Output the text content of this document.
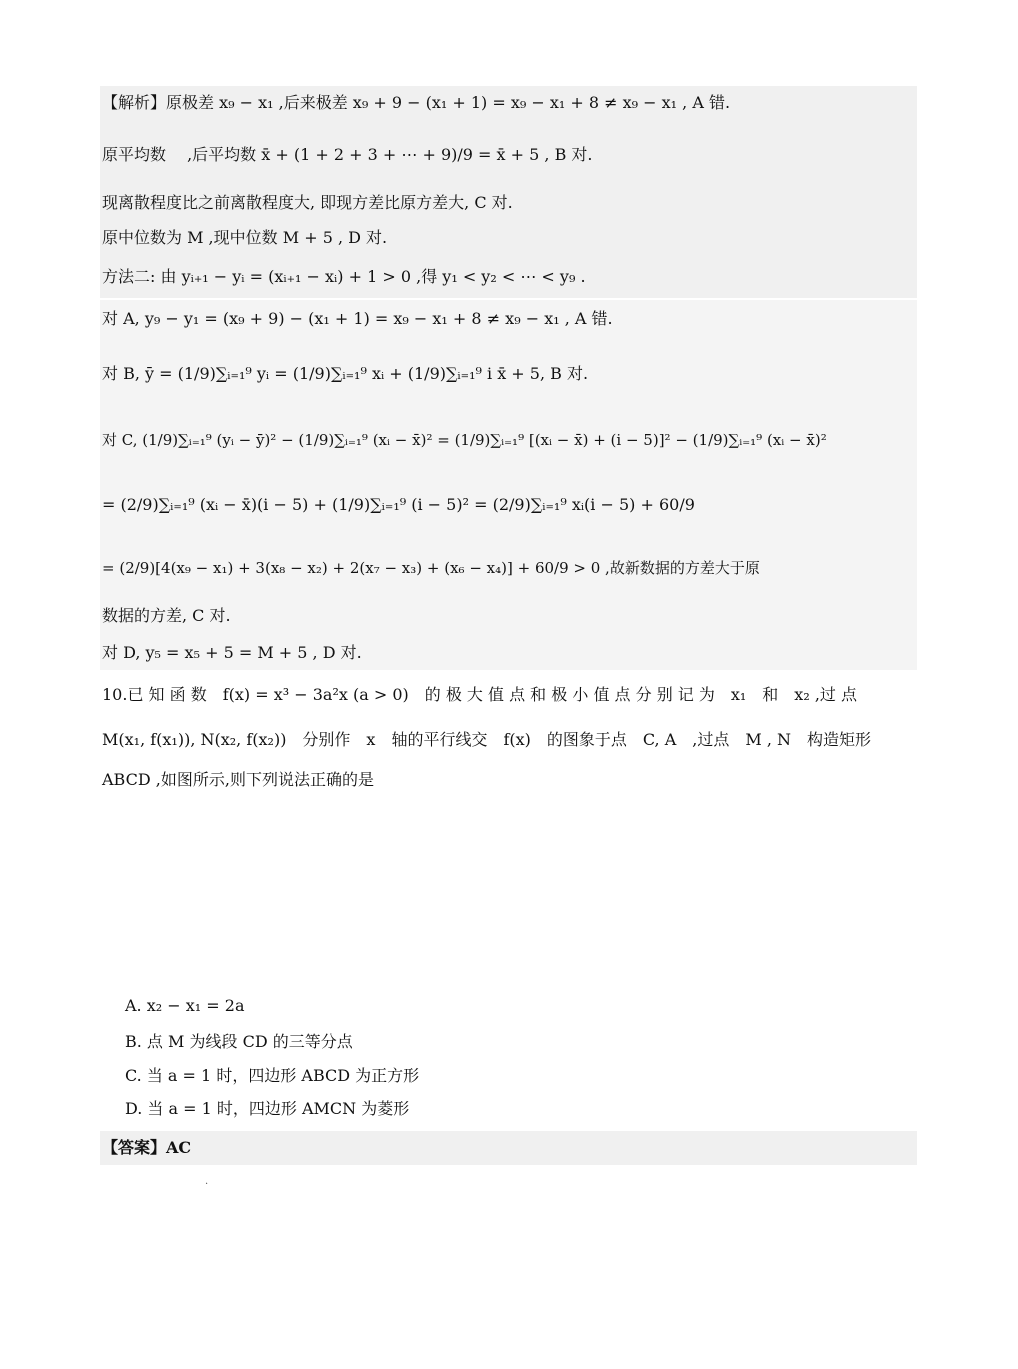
【解析】原极差 x₉ − x₁ ,后来极差 x₉ + 9 − (x₁ + 1) = x₉ − x₁ + 8 ≠ x₉ − x₁ , A 错.
原平均数　 ,后平均数 x̄ + (1 + 2 + 3 + ⋯ + 9)/9 = x̄ + 5 , B 对.
现离散程度比之前离散程度大, 即现方差比原方差大, C 对.
原中位数为 M ,现中位数 M + 5 , D 对.
方法二: 由 yᵢ₊₁ − yᵢ = (xᵢ₊₁ − xᵢ) + 1 > 0 ,得 y₁ < y₂ < ⋯ < y₉ .
对 A, y₉ − y₁ = (x₉ + 9) − (x₁ + 1) = x₉ − x₁ + 8 ≠ x₉ − x₁ , A 错.
对 B, ȳ = (1/9)∑ᵢ₌₁⁹ yᵢ = (1/9)∑ᵢ₌₁⁹ xᵢ + (1/9)∑ᵢ₌₁⁹ i x̄ + 5, B 对.
对 C, (1/9)∑ᵢ₌₁⁹ (yᵢ − ȳ)² − (1/9)∑ᵢ₌₁⁹ (xᵢ − x̄)² = (1/9)∑ᵢ₌₁⁹ [(xᵢ − x̄) + (i − 5)]² − (1/9)∑ᵢ₌₁⁹ (xᵢ − x̄)²
= (2/9)∑ᵢ₌₁⁹ (xᵢ − x̄)(i − 5) + (1/9)∑ᵢ₌₁⁹ (i − 5)² = (2/9)∑ᵢ₌₁⁹ xᵢ(i − 5) + 60/9
= (2/9)[4(x₉ − x₁) + 3(x₈ − x₂) + 2(x₇ − x₃) + (x₆ − x₄)] + 60/9 > 0 ,故新数据的方差大于原
数据的方差, C 对.
对 D, y₅ = x₅ + 5 = M + 5 , D 对.
10.已 知 函 数　f(x) = x³ − 3a²x (a > 0)　的 极 大 值 点 和 极 小 值 点 分 别 记 为　x₁　和　x₂ ,过 点
M(x₁, f(x₁)), N(x₂, f(x₂))　分别作　x　轴的平行线交　f(x)　的图象于点　C, A　,过点　M , N　构造矩形
ABCD ,如图所示,则下列说法正确的是
A. x₂ − x₁ = 2a
B. 点 M 为线段 CD 的三等分点
C. 当 a = 1 时，四边形 ABCD 为正方形
D. 当 a = 1 时，四边形 AMCN 为菱形
【答案】AC
.
